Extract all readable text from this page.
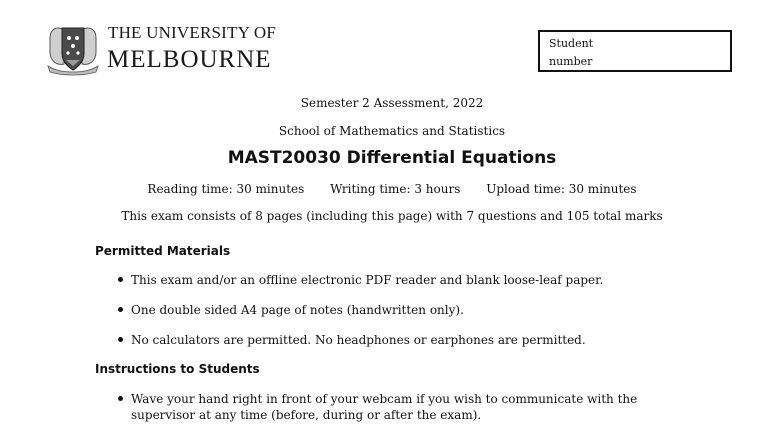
THE UNIVERSITY OF
MELBOURNE
Student
number
Semester 2 Assessment, 2022
School of Mathematics and Statistics
MAST20030 Differential Equations
Reading time: 30 minutes Writing time: 3 hours Upload time: 30 minutes
This exam consists of 8 pages (including this page) with 7 questions and 105 total marks
Permitted Materials
This exam and/or an offline electronic PDF reader and blank loose-leaf paper.
One double sided A4 page of notes (handwritten only).
No calculators are permitted. No headphones or earphones are permitted.
Instructions to Students
Wave your hand right in front of your webcam if you wish to communicate with the
supervisor at any time (before, during or after the exam).
